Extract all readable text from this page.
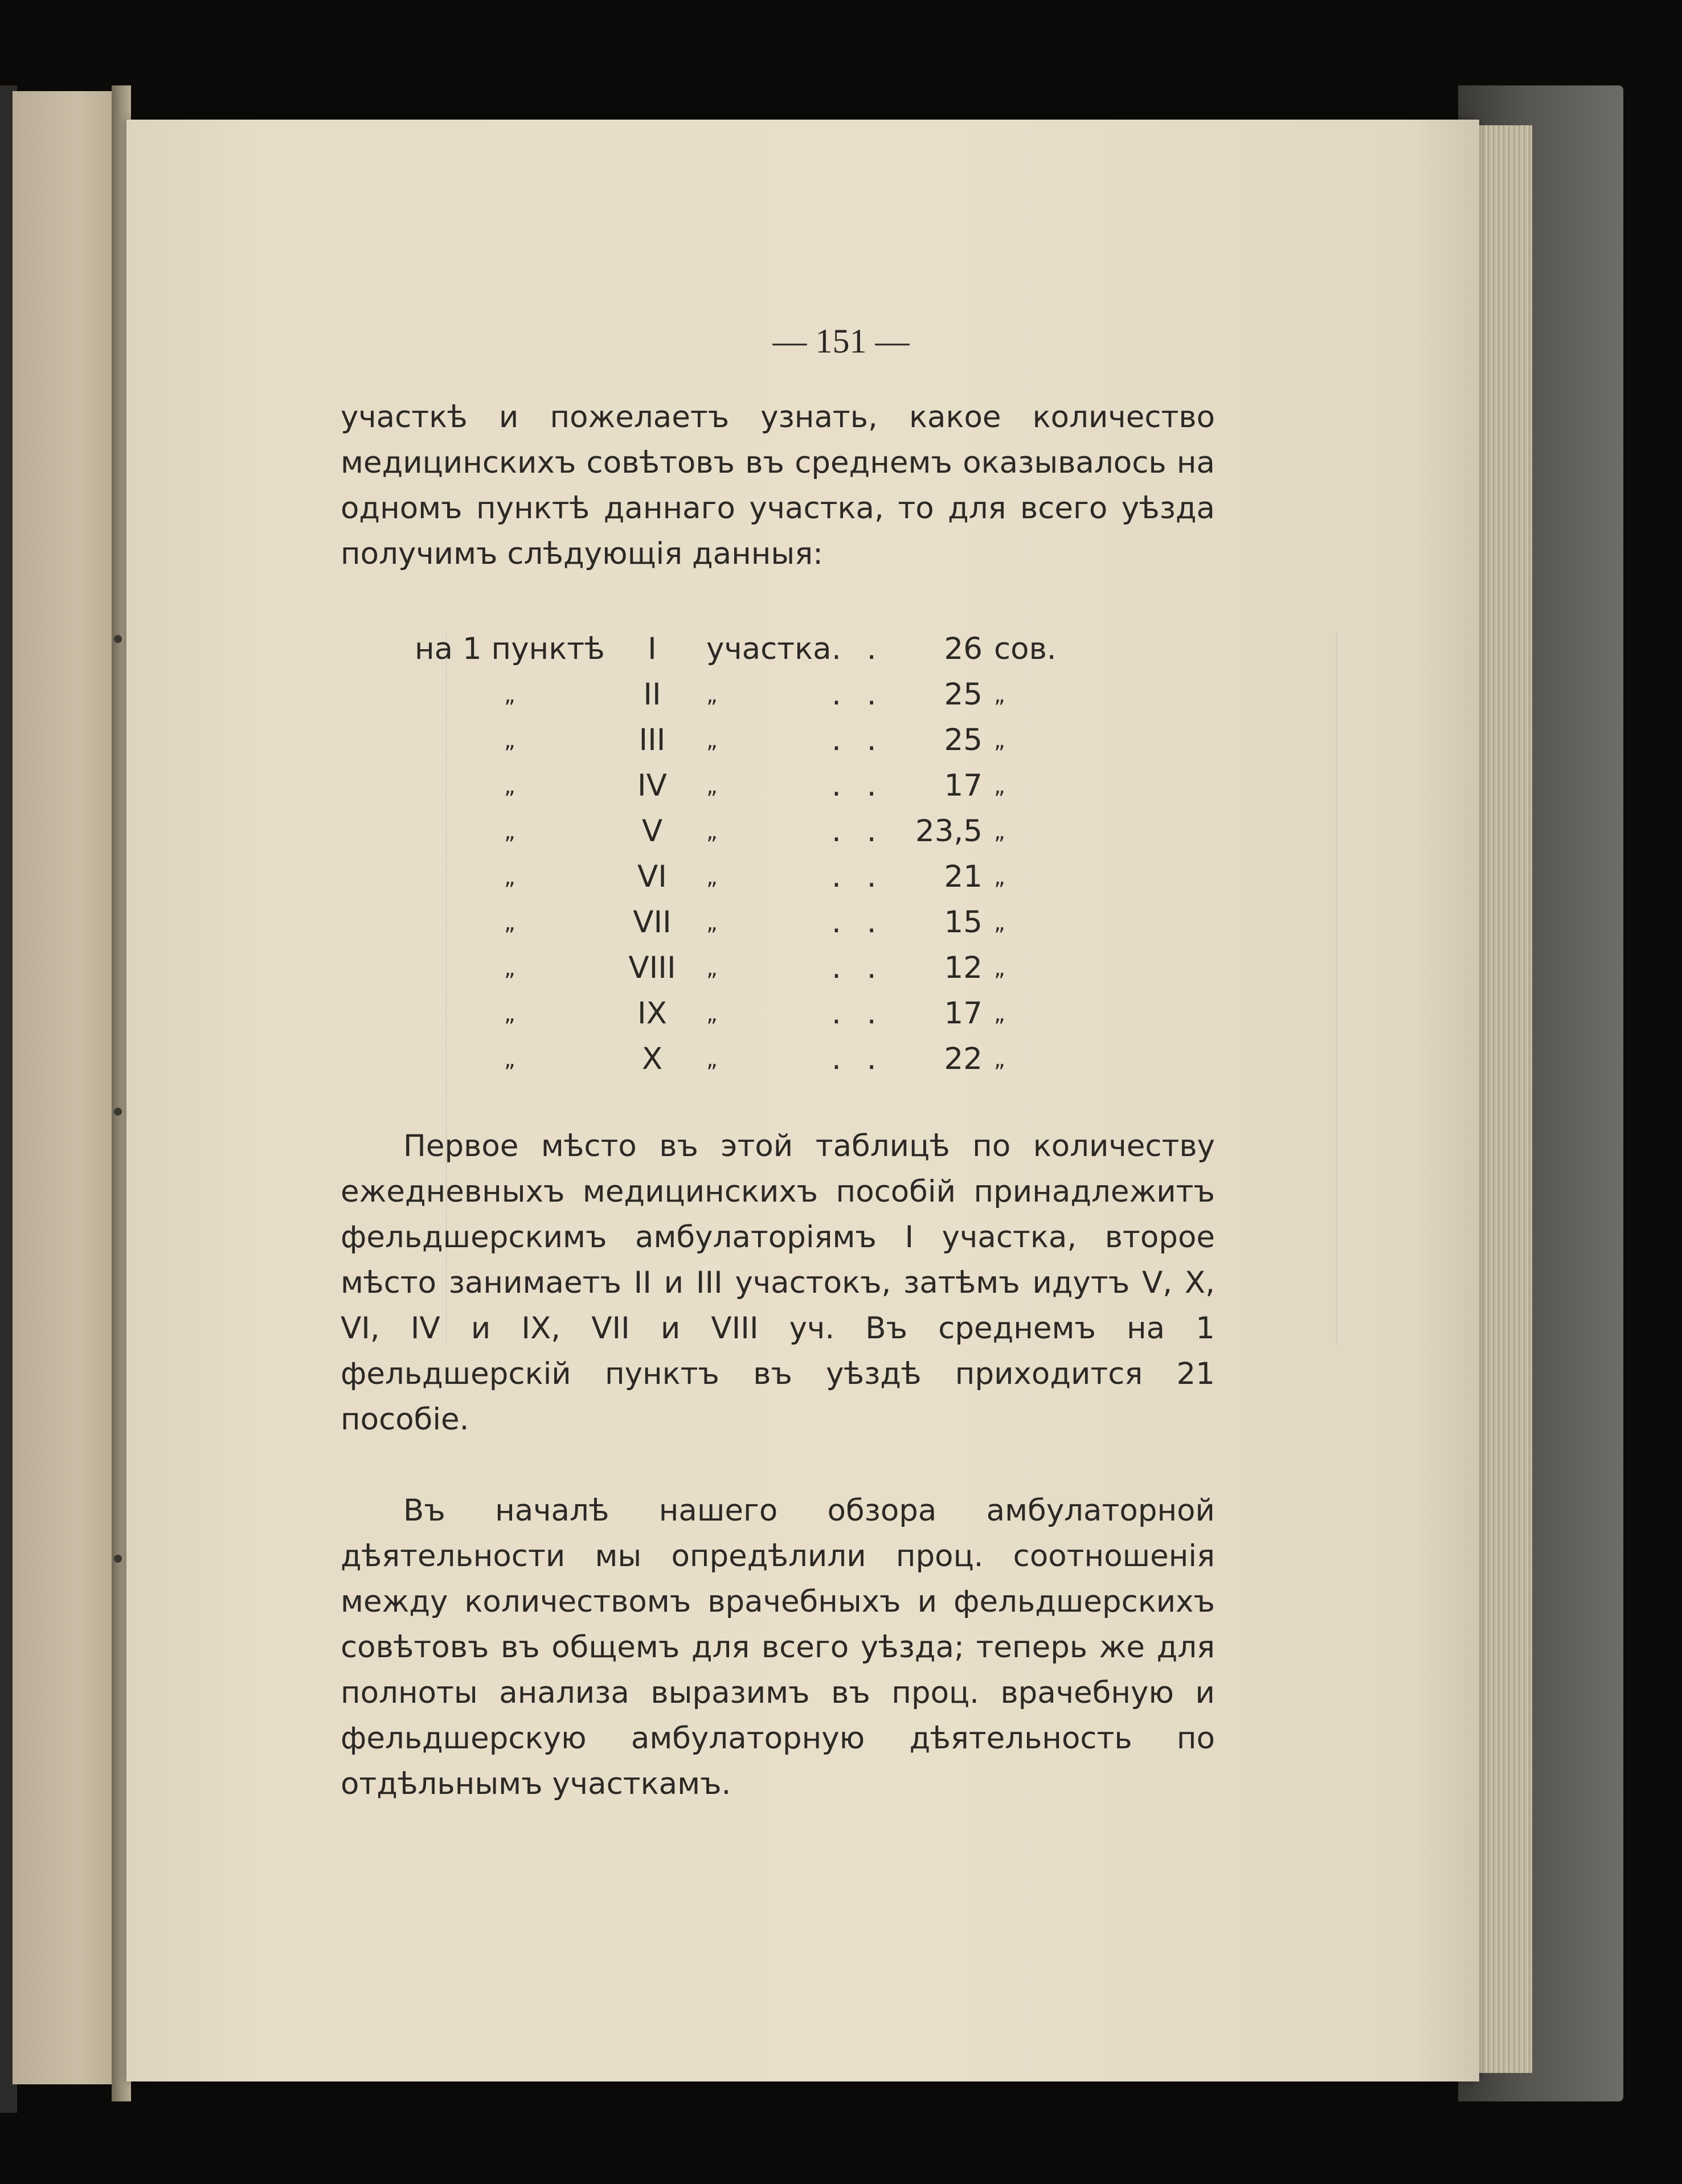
— 151 —

участкѣ и пожелаетъ узнать, какое количество медицинскихъ совѣтовъ въ среднемъ оказывалось на одномъ пунктѣ даннаго участка, то для всего уѣзда получимъ слѣдующія данныя:

на 1 пунктѣ	I	участка . .	26 сов.
„	II	„	. .	25 „
„	III	„	. .	25 „
„	IV	„	. .	17 „
„	V	„	. . 23,5 „
„	VI	„	. .	21 „
„	VII	„	. .	15 „
„	VIII	„	. .	12 „
„	IX	„	. .	17 „
„	X	„	. .	22 „

Первое мѣсто въ этой таблицѣ по количеству ежедневныхъ медицинскихъ пособій принадлежитъ фельдшерскимъ амбулаторіямъ I участка, второе мѣсто занимаетъ II и III участокъ, затѣмъ идутъ V, X, VI, IV и IX, VII и VIII уч. Въ среднемъ на 1 фельдшерскій пунктъ въ уѣздѣ приходится 21 пособіе.

Въ началѣ нашего обзора амбулаторной дѣятельности мы опредѣлили проц. соотношенія между количествомъ врачебныхъ и фельдшерскихъ совѣтовъ въ общемъ для всего уѣзда; теперь же для полноты анализа выразимъ въ проц. врачебную и фельдшерскую амбулаторную дѣятельность по отдѣльнымъ участкамъ.
